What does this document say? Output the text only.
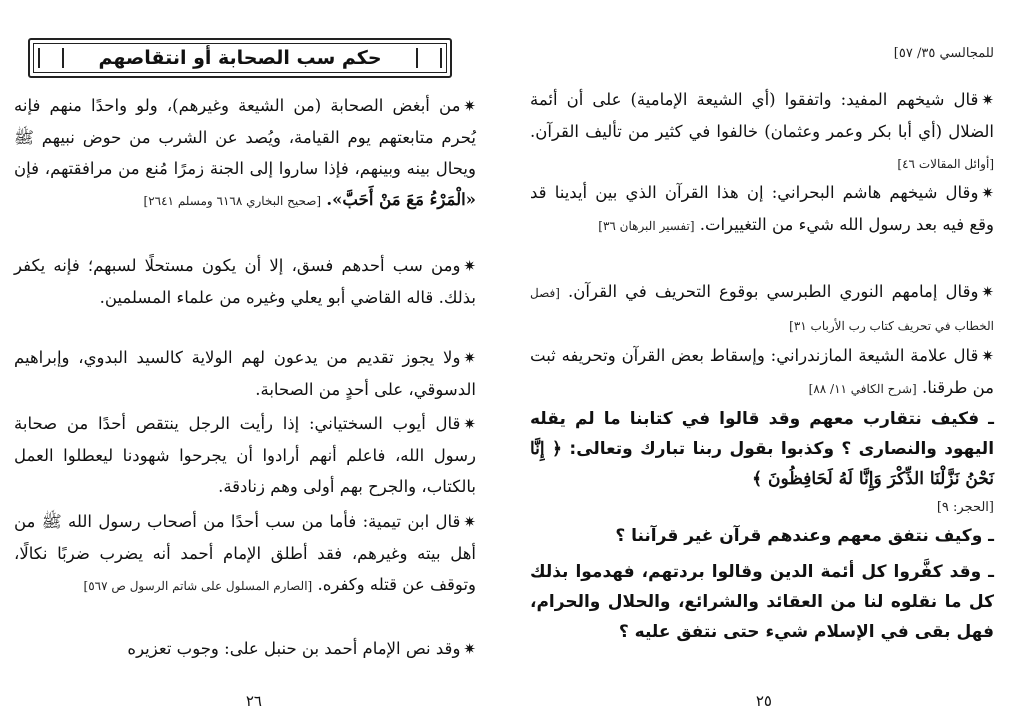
للمجالسي ٣٥/ ٥٧]

✷قال شيخهم المفيد: واتفقوا (أي الشيعة الإمامية) على أن أئمة الضلال (أي أبا بكر وعمر وعثمان) خالفوا في كثير من تأليف القرآن. [أوائل المقالات ٤٦]

✷وقال شيخهم هاشم البحراني: إن هذا القرآن الذي بين أيدينا قد وقع فيه بعد رسول الله شيء من التغييرات. [تفسير البرهان ٣٦]

✷وقال إمامهم النوري الطبرسي بوقوع التحريف في القرآن. [فصل الخطاب في تحريف كتاب رب الأرباب ٣١]

✷قال علامة الشيعة المازندراني: وإسقاط بعض القرآن وتحريفه ثبت من طرقنا. [شرح الكافي ١١/ ٨٨]

ـ فكيف نتقارب معهم وقد قالوا في كتابنا ما لم يقله اليهود والنصارى ؟ وكذبوا بقول ربنا تبارك وتعالى: ﴿ إِنَّا نَحْنُ نَزَّلْنَا الذِّكْرَ وَإِنَّا لَهُ لَحَافِظُونَ ﴾

[الحجر: ٩]

ـ وكيف نتفق معهم وعندهم قرآن غير قرآننا ؟

ـ وقد كفَّروا كل أئمة الدين وقالوا بردتهم، فهدموا بذلك كل ما نقلوه لنا من العقائد والشرائع، والحلال والحرام، فهل بقى في الإسلام شيء حتى نتفق عليه ؟

٢٥
حكم سب الصحابة أو انتقاصهم

✷من أبغض الصحابة (من الشيعة وغيرهم)، ولو واحدًا منهم فإنه يُحرم متابعتهم يوم القيامة، ويُصد عن الشرب من حوض نبيهم ﷺ ويحال بينه وبينهم، فإذا ساروا إلى الجنة زمرًا مُنع من مرافقتهم، فإن «الْمَرْءُ مَعَ مَنْ أَحَبَّ». [صحيح البخاري ٦١٦٨ ومسلم ٢٦٤١]

✷ومن سب أحدهم فسق، إلا أن يكون مستحلًا لسبهم؛ فإنه يكفر بذلك. قاله القاضي أبو يعلي وغيره من علماء المسلمين.

✷ولا يجوز تقديم من يدعون لهم الولاية كالسيد البدوي، وإبراهيم الدسوقي، على أحدٍ من الصحابة.

✷قال أيوب السختياني: إذا رأيت الرجل ينتقص أحدًا من صحابة رسول الله، فاعلم أنهم أرادوا أن يجرحوا شهودنا ليعطلوا العمل بالكتاب، والجرح بهم أولى وهم زنادقة.

✷قال ابن تيمية: فأما من سب أحدًا من أصحاب رسول الله ﷺ من أهل بيته وغيرهم، فقد أطلق الإمام أحمد أنه يضرب ضربًا نكالًا، وتوقف عن قتله وكفره. [الصارم المسلول على شاتم الرسول ص ٥٦٧]

✷وقد نص الإمام أحمد بن حنبل على: وجوب تعزيره

٢٦
